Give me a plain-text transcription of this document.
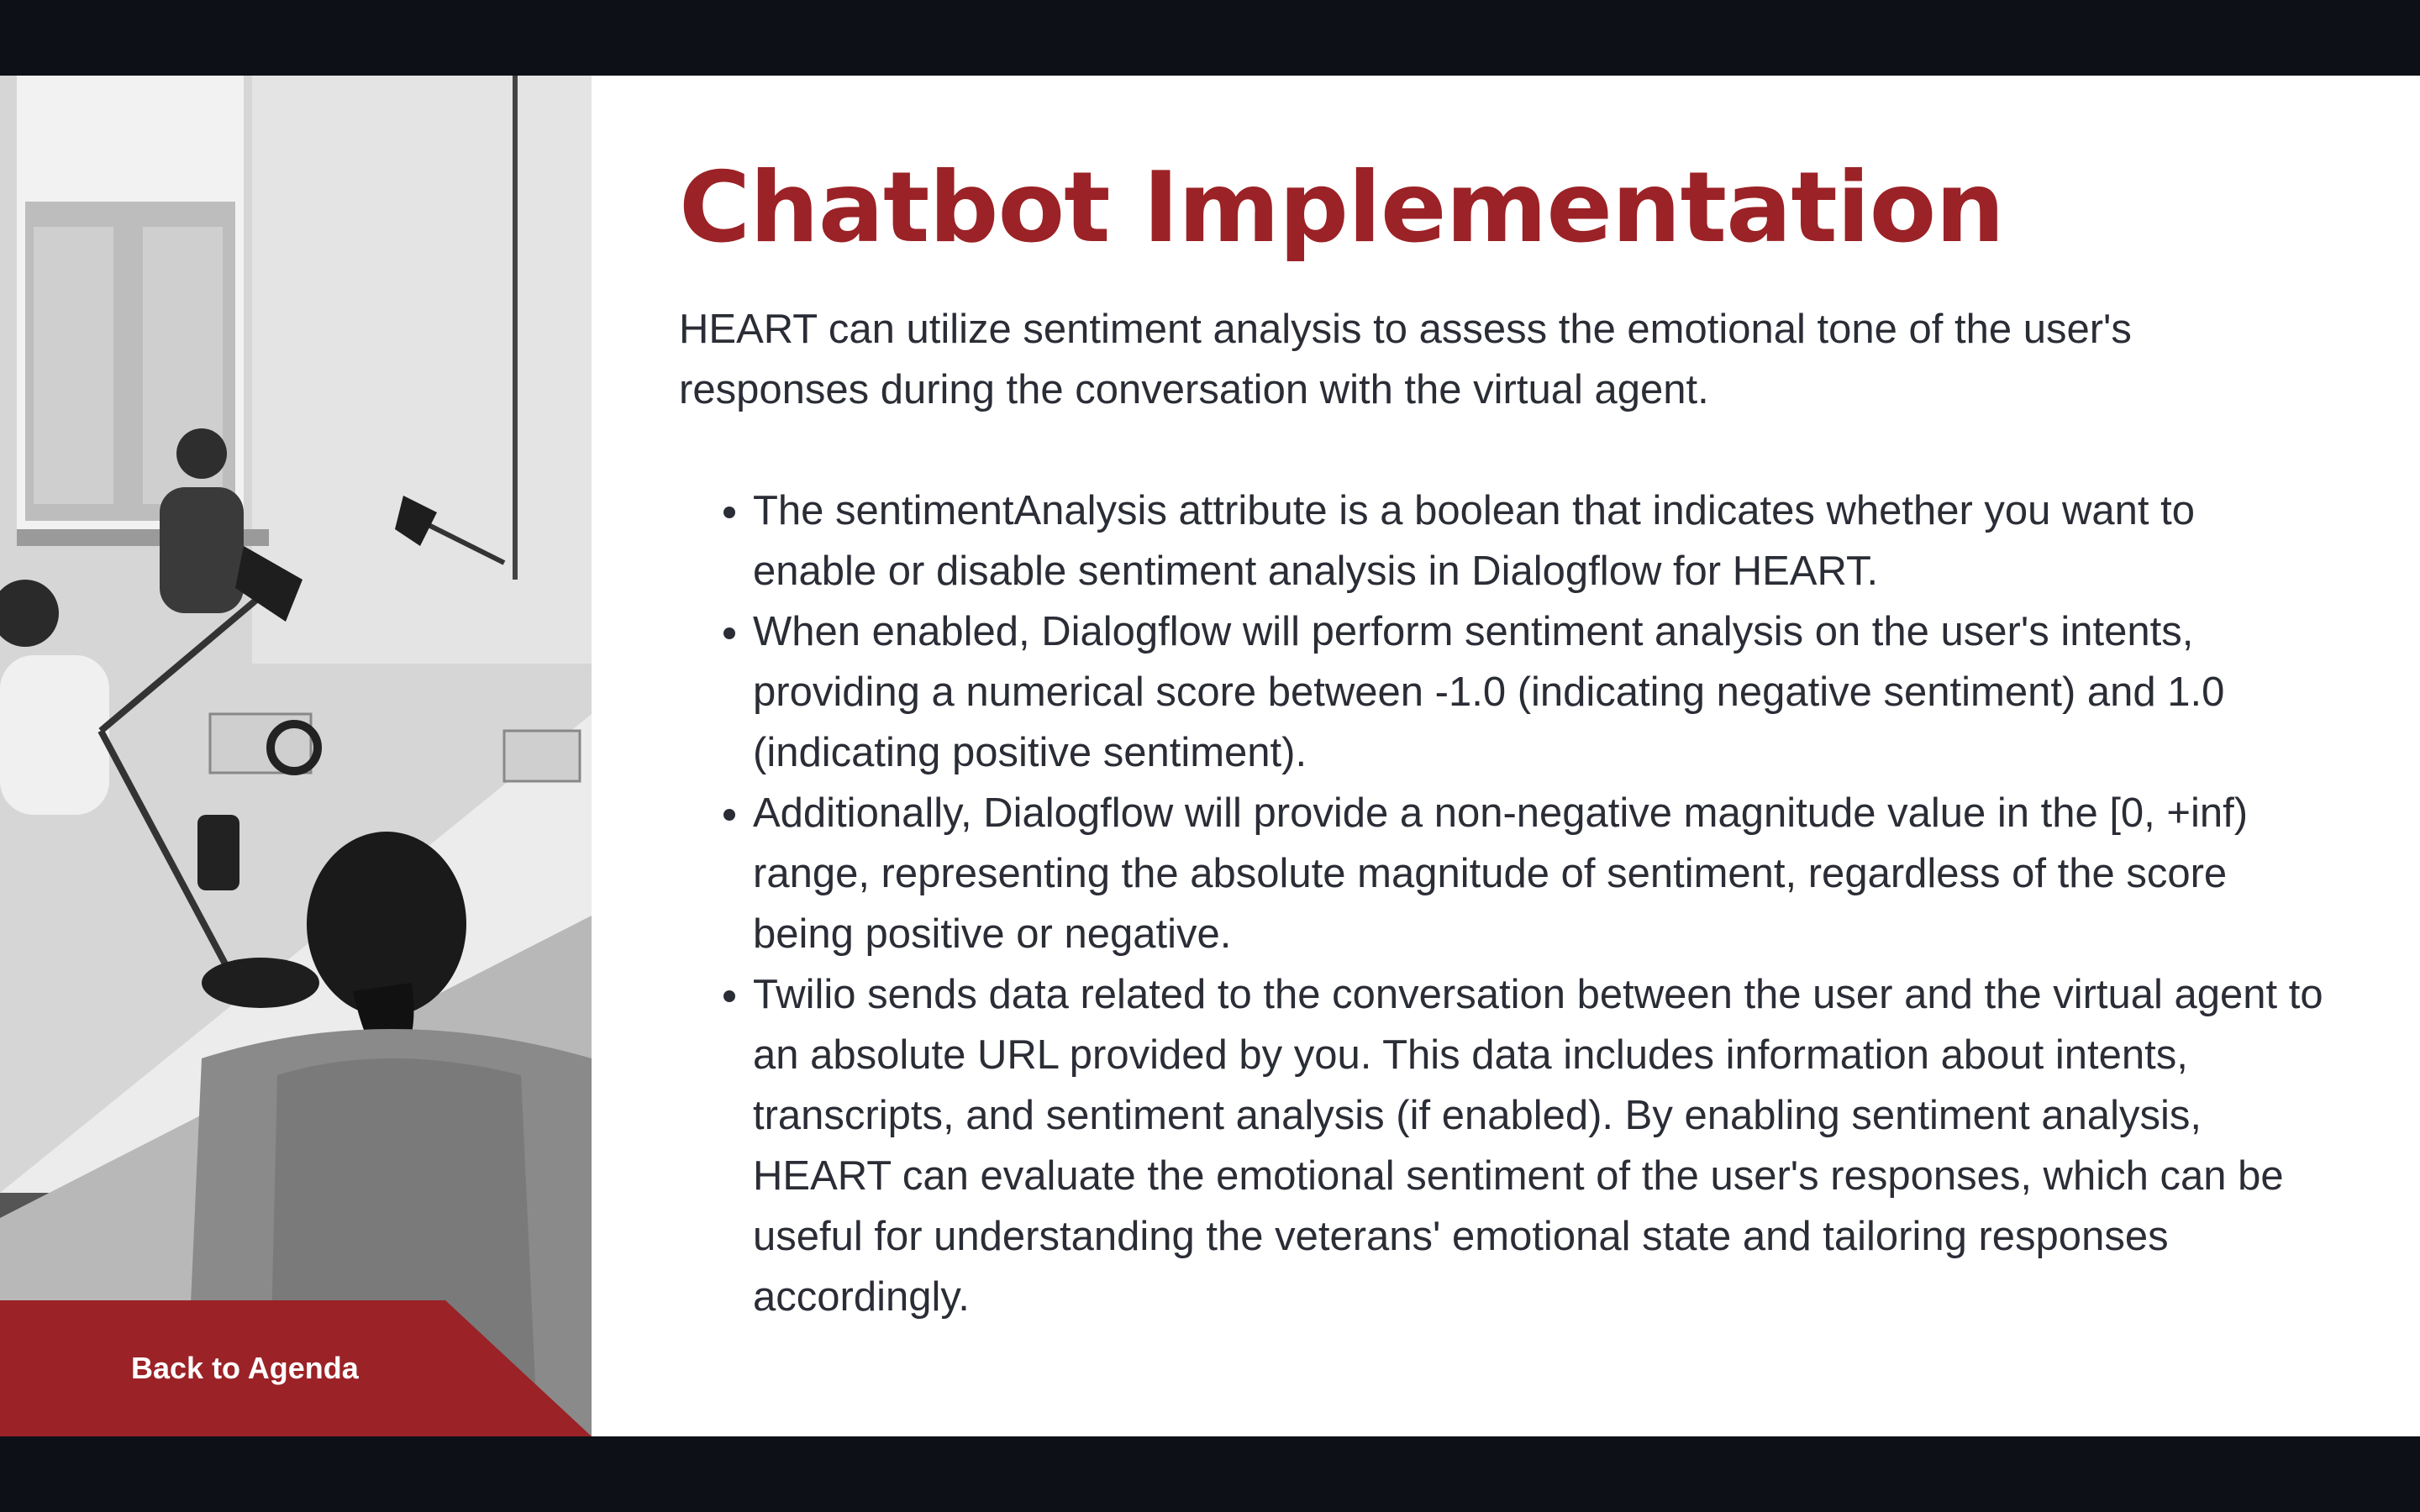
Back to Agenda
Chatbot Implementation

HEART can utilize sentiment analysis to assess the emotional tone of the user's responses during the conversation with the virtual agent.

• The sentimentAnalysis attribute is a boolean that indicates whether you want to enable or disable sentiment analysis in Dialogflow for HEART.
• When enabled, Dialogflow will perform sentiment analysis on the user's intents, providing a numerical score between -1.0 (indicating negative sentiment) and 1.0 (indicating positive sentiment).
• Additionally, Dialogflow will provide a non-negative magnitude value in the [0, +inf) range, representing the absolute magnitude of sentiment, regardless of the score being positive or negative.
• Twilio sends data related to the conversation between the user and the virtual agent to an absolute URL provided by you. This data includes information about intents, transcripts, and sentiment analysis (if enabled). By enabling sentiment analysis, HEART can evaluate the emotional sentiment of the user's responses, which can be useful for understanding the veterans' emotional state and tailoring responses accordingly.
